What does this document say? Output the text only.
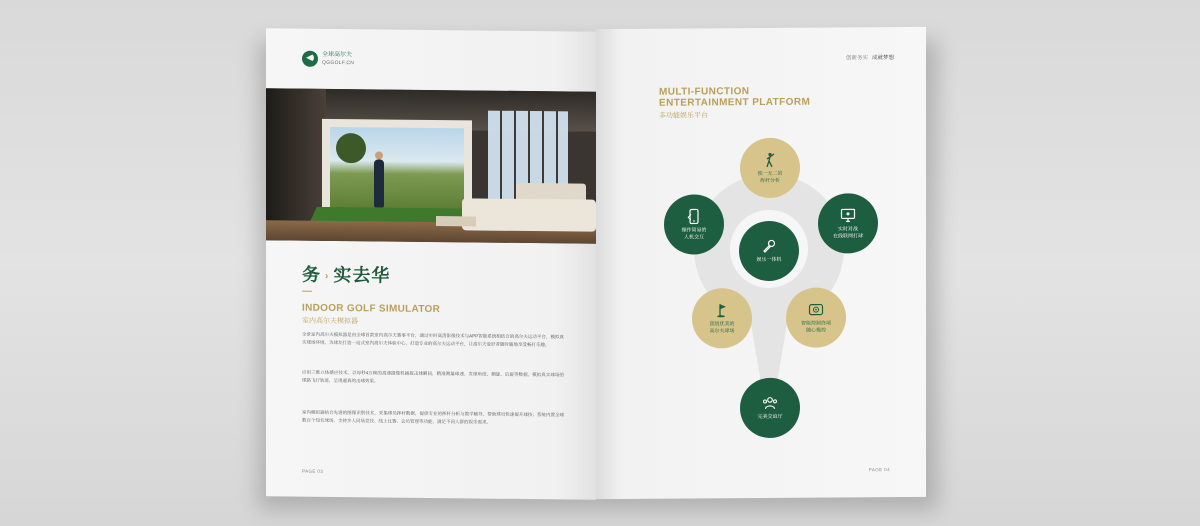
全球高尔夫
QGGOLF.CN
务 › 实去华
INDOOR GOLF SIMULATOR
室内高尔夫模拟器
全景室内高尔夫模拟器是由全球首款室内高尔夫赛事平台，通过实时高清影像技术与APP智能系统相结合的高尔夫运动平台，模拟真实球场环境，为球友打造一站式室内高尔夫体验中心，打造专业的高尔夫运动平台，让高尔夫爱好者随时随地享受畅打乐趣。
应用三维立体感应技术，以每秒4万帧的高速摄像机捕捉击球瞬间，精准测量球速、发球角度、侧旋、后旋等数据，模拟真实球场的球路飞行轨迹，呈现逼真的击球效果。
室内模拟器结合先进的图像识别技术，采集球员挥杆数据，提供专业的挥杆分析与教学辅导，帮助球员快速提升球技；系统内置全球数百个知名球场，支持多人同场竞技、线上比赛、会员管理等功能，满足不同人群的娱乐需求。
PAGE 03
创新务实 成就梦想
MULTI-FUNCTION
ENTERTAINMENT PLATFORM
多功能娱乐平台
独一无二的
挥杆分析
操作简易的
人机交互
实时对战
在线联网打球
娱乐一体机
顶级优美的
高尔夫球场
智能控制终端
随心操控
完美交谊厅
PAGE 04
